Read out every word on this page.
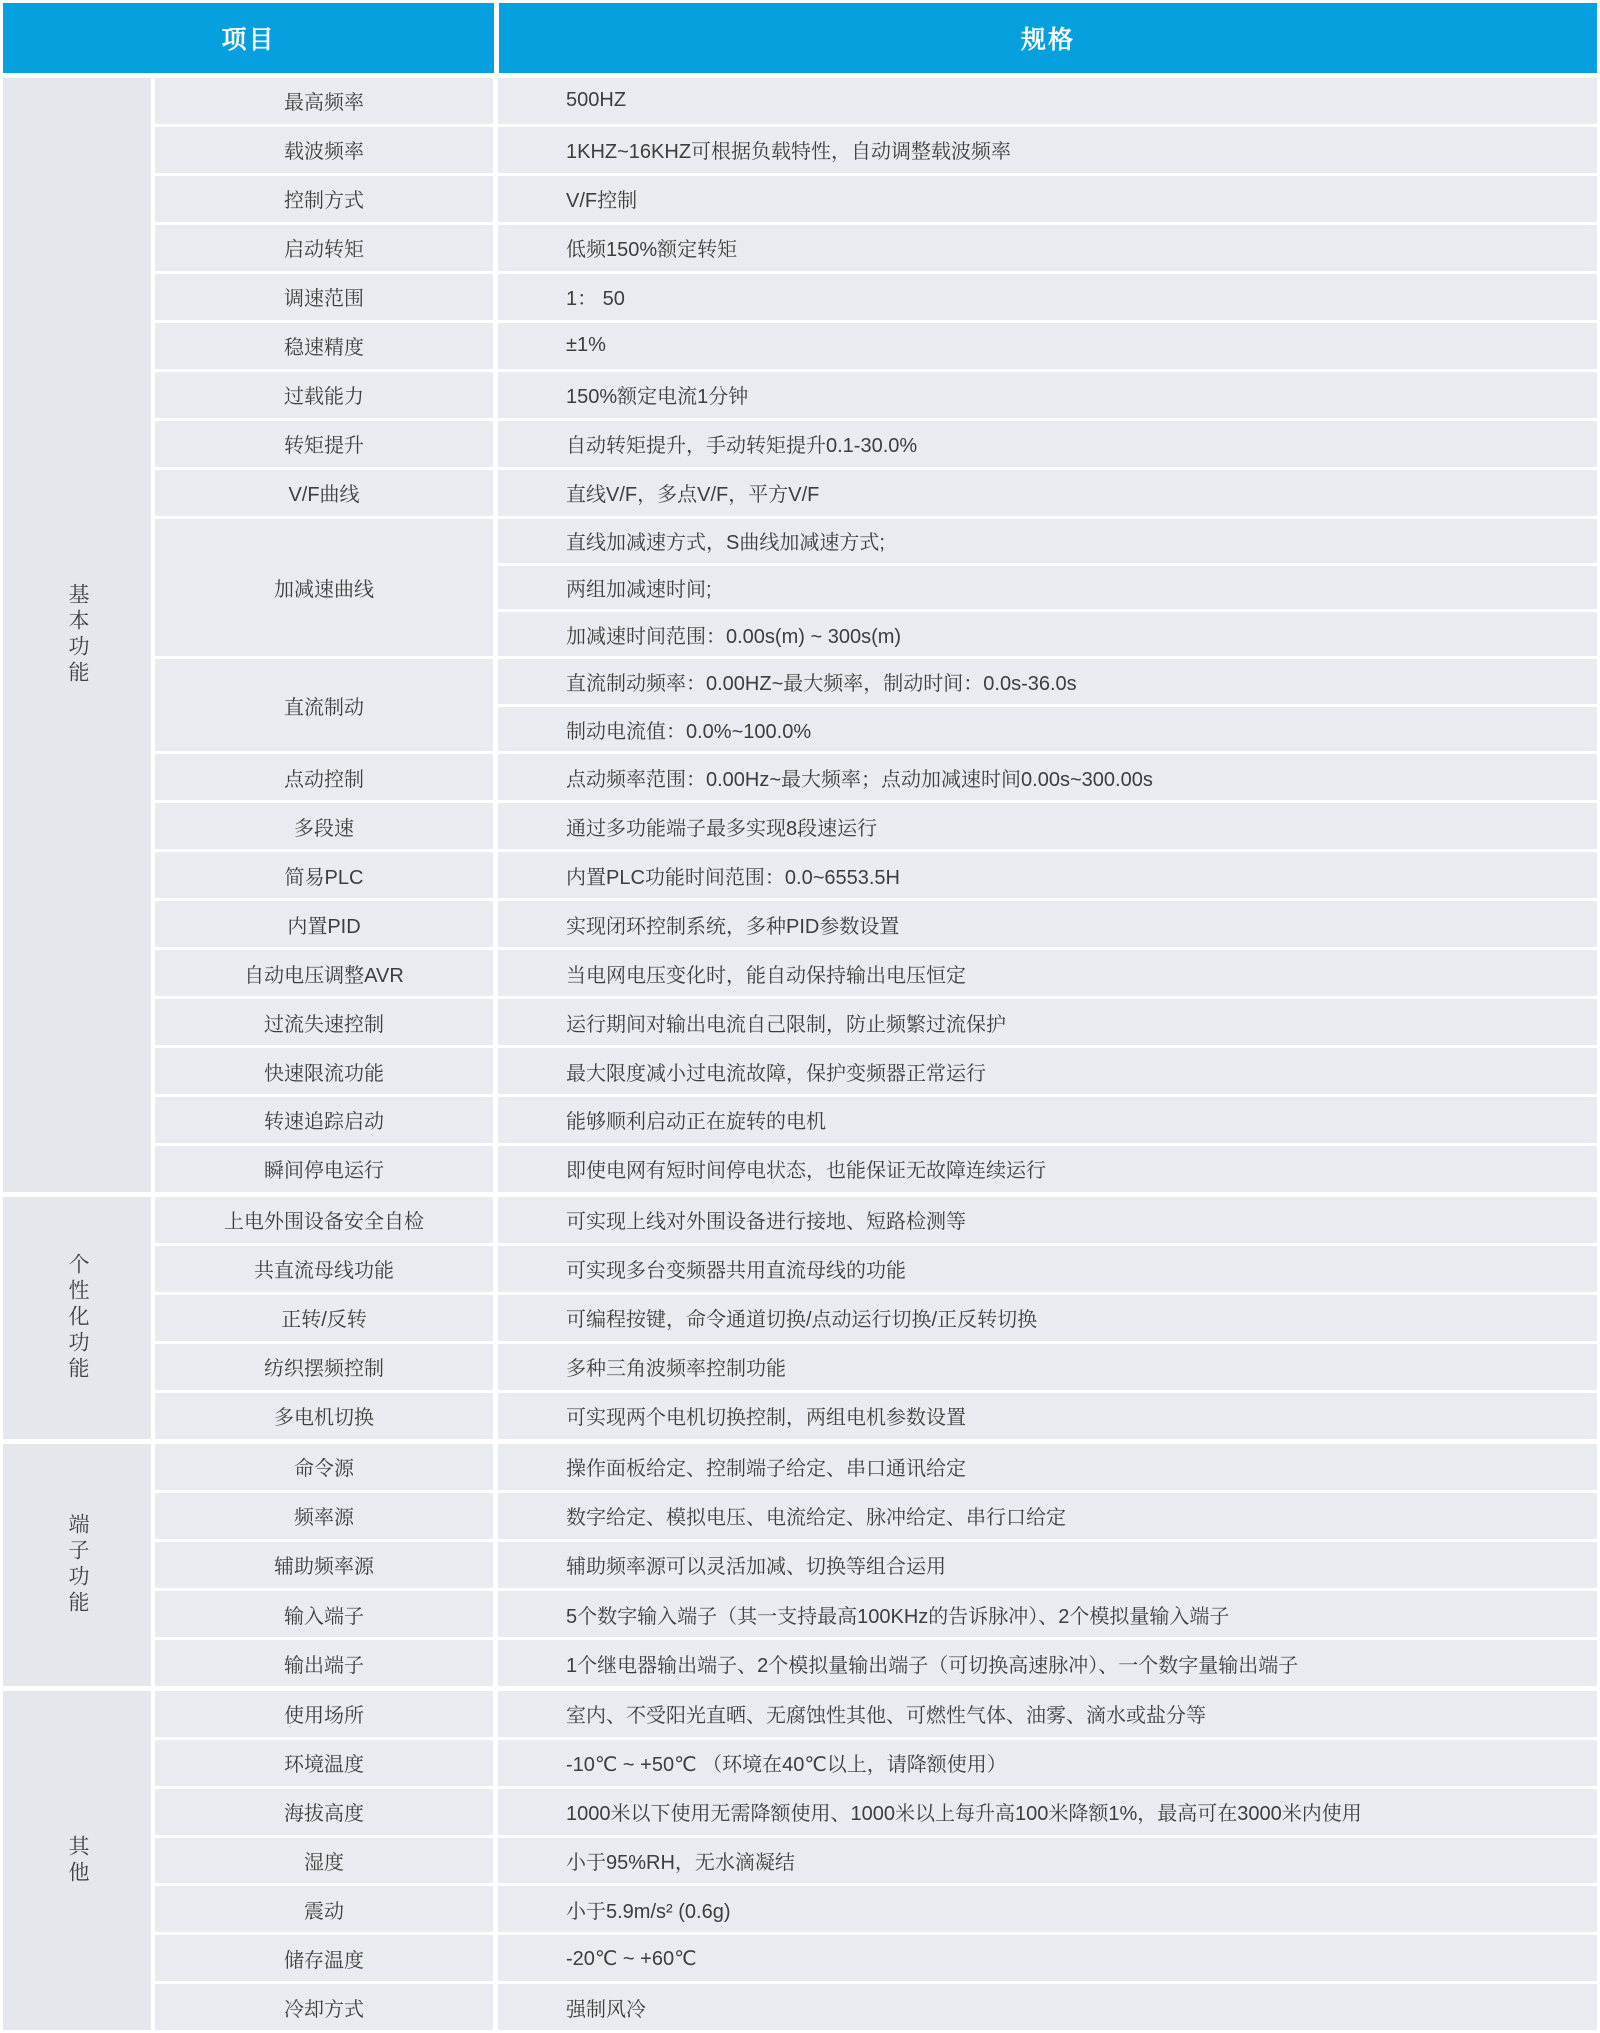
项目	规格
基本功能
最高频率	500HZ
载波频率	1KHZ~16KHZ可根据负载特性，自动调整载波频率
控制方式	V/F控制
启动转矩	低频150%额定转矩
调速范围	1： 50
稳速精度	±1%
过载能力	150%额定电流1分钟
转矩提升	自动转矩提升，手动转矩提升0.1-30.0%
V/F曲线	直线V/F，多点V/F，平方V/F
加减速曲线
直线加减速方式，S曲线加减速方式;
两组加减速时间;
加减速时间范围：0.00s(m) ~ 300s(m)
直流制动
直流制动频率：0.00HZ~最大频率，制动时间：0.0s-36.0s
制动电流值：0.0%~100.0%
点动控制	点动频率范围：0.00Hz~最大频率；点动加减速时间0.00s~300.00s
多段速	通过多功能端子最多实现8段速运行
简易PLC	内置PLC功能时间范围：0.0~6553.5H
内置PID	实现闭环控制系统，多种PID参数设置
自动电压调整AVR	当电网电压变化时，能自动保持输出电压恒定
过流失速控制	运行期间对输出电流自己限制，防止频繁过流保护
快速限流功能	最大限度减小过电流故障，保护变频器正常运行
转速追踪启动	能够顺利启动正在旋转的电机
瞬间停电运行	即使电网有短时间停电状态，也能保证无故障连续运行
个性化功能
上电外围设备安全自检	可实现上线对外围设备进行接地、短路检测等
共直流母线功能	可实现多台变频器共用直流母线的功能
正转/反转	可编程按键，命令通道切换/点动运行切换/正反转切换
纺织摆频控制	多种三角波频率控制功能
多电机切换	可实现两个电机切换控制，两组电机参数设置
端子功能
命令源	操作面板给定、控制端子给定、串口通讯给定
频率源	数字给定、模拟电压、电流给定、脉冲给定、串行口给定
辅助频率源	辅助频率源可以灵活加减、切换等组合运用
输入端子	5个数字输入端子（其一支持最高100KHz的告诉脉冲）、2个模拟量输入端子
输出端子	1个继电器输出端子、2个模拟量输出端子（可切换高速脉冲）、一个数字量输出端子
其他
使用场所	室内、不受阳光直晒、无腐蚀性其他、可燃性气体、油雾、滴水或盐分等
环境温度	-10℃ ~ +50℃ （环境在40℃以上，请降额使用）
海拔高度	1000米以下使用无需降额使用、1000米以上每升高100米降额1%，最高可在3000米内使用
湿度	小于95%RH，无水滴凝结
震动	小于5.9m/s² (0.6g)
储存温度	-20℃ ~ +60℃
冷却方式	强制风冷
